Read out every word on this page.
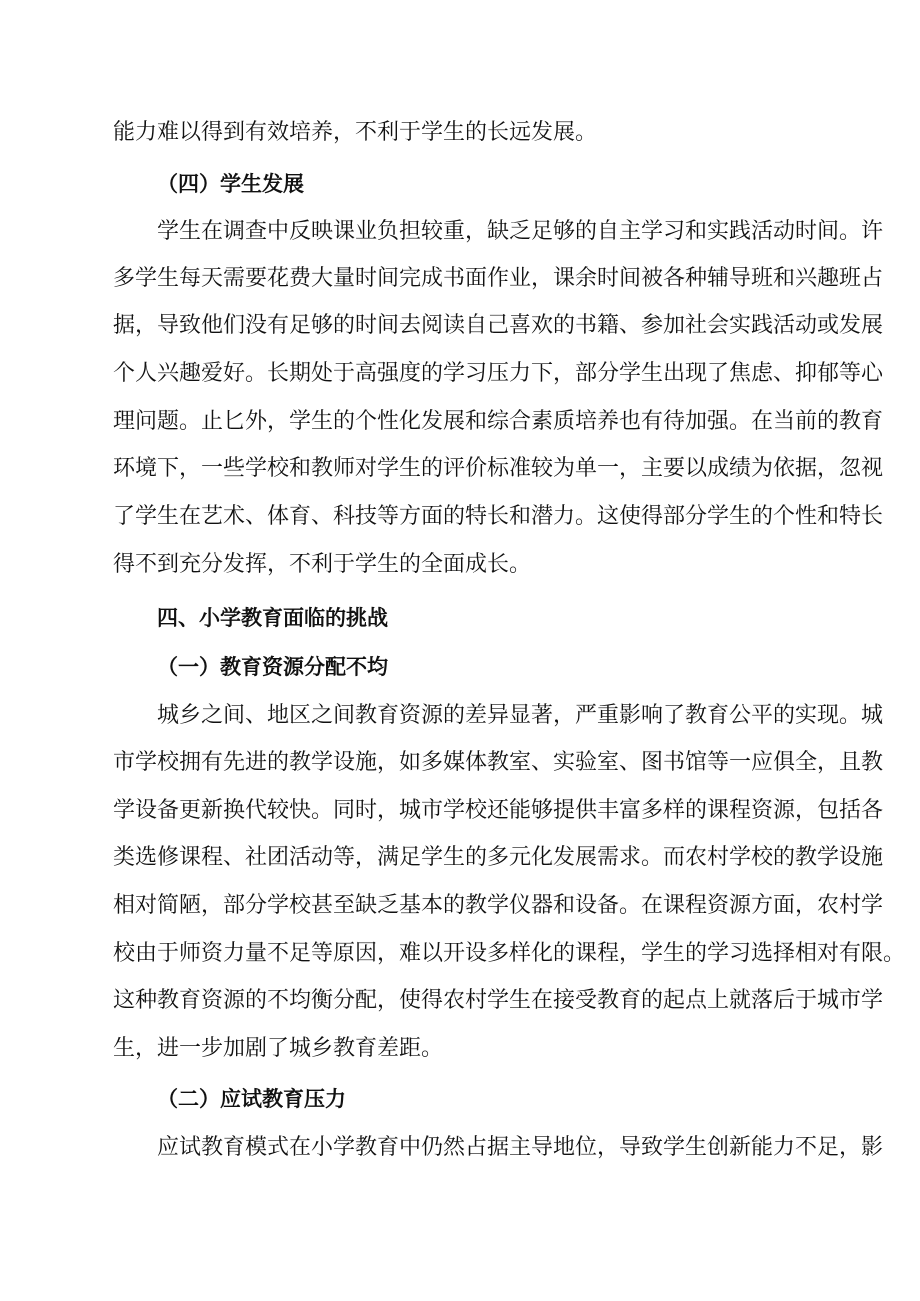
能力难以得到有效培养，不利于学生的长远发展。
（四）学生发展
学生在调查中反映课业负担较重，缺乏足够的自主学习和实践活动时间。许
多学生每天需要花费大量时间完成书面作业，课余时间被各种辅导班和兴趣班占
据，导致他们没有足够的时间去阅读自己喜欢的书籍、参加社会实践活动或发展
个人兴趣爱好。长期处于高强度的学习压力下，部分学生出现了焦虑、抑郁等心
理问题。止匕外，学生的个性化发展和综合素质培养也有待加强。在当前的教育
环境下，一些学校和教师对学生的评价标准较为单一，主要以成绩为依据，忽视
了学生在艺术、体育、科技等方面的特长和潜力。这使得部分学生的个性和特长
得不到充分发挥，不利于学生的全面成长。
四、小学教育面临的挑战
（一）教育资源分配不均
城乡之间、地区之间教育资源的差异显著，严重影响了教育公平的实现。城
市学校拥有先进的教学设施，如多媒体教室、实验室、图书馆等一应俱全，且教
学设备更新换代较快。同时，城市学校还能够提供丰富多样的课程资源，包括各
类选修课程、社团活动等，满足学生的多元化发展需求。而农村学校的教学设施
相对简陋，部分学校甚至缺乏基本的教学仪器和设备。在课程资源方面，农村学
校由于师资力量不足等原因，难以开设多样化的课程，学生的学习选择相对有限。
这种教育资源的不均衡分配，使得农村学生在接受教育的起点上就落后于城市学
生，进一步加剧了城乡教育差距。
（二）应试教育压力
应试教育模式在小学教育中仍然占据主导地位，导致学生创新能力不足，影
